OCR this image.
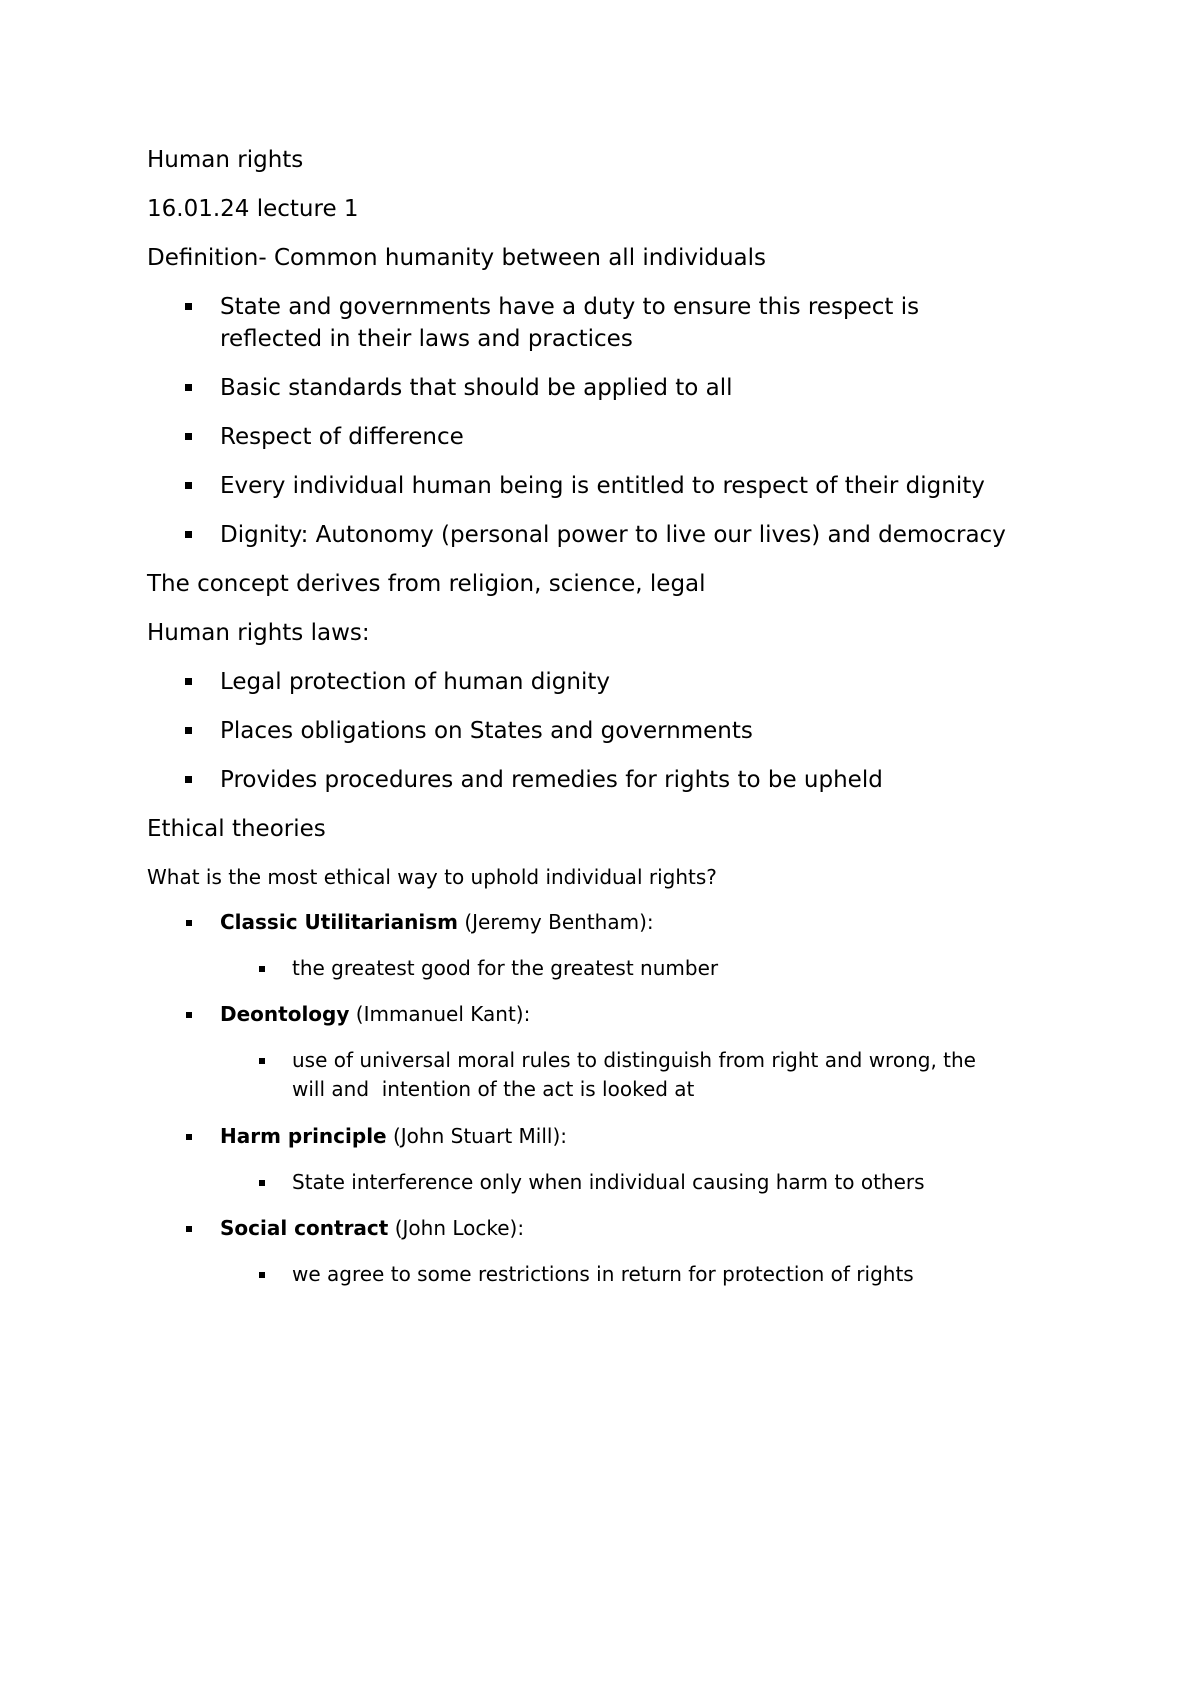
Human rights

16.01.24 lecture 1

Definition- Common humanity between all individuals

State and governments have a duty to ensure this respect is

reflected in their laws and practices

Basic standards that should be applied to all

Respect of difference

Every individual human being is entitled to respect of their dignity

Dignity: Autonomy (personal power to live our lives) and democracy

The concept derives from religion, science, legal

Human rights laws:

Legal protection of human dignity

Places obligations on States and governments

Provides procedures and remedies for rights to be upheld

Ethical theories

What is the most ethical way to uphold individual rights?

Classic Utilitarianism (Jeremy Bentham):

the greatest good for the greatest number

Deontology (Immanuel Kant):

use of universal moral rules to distinguish from right and wrong, the

will and  intention of the act is looked at

Harm principle (John Stuart Mill):

State interference only when individual causing harm to others

Social contract (John Locke):

we agree to some restrictions in return for protection of rights
